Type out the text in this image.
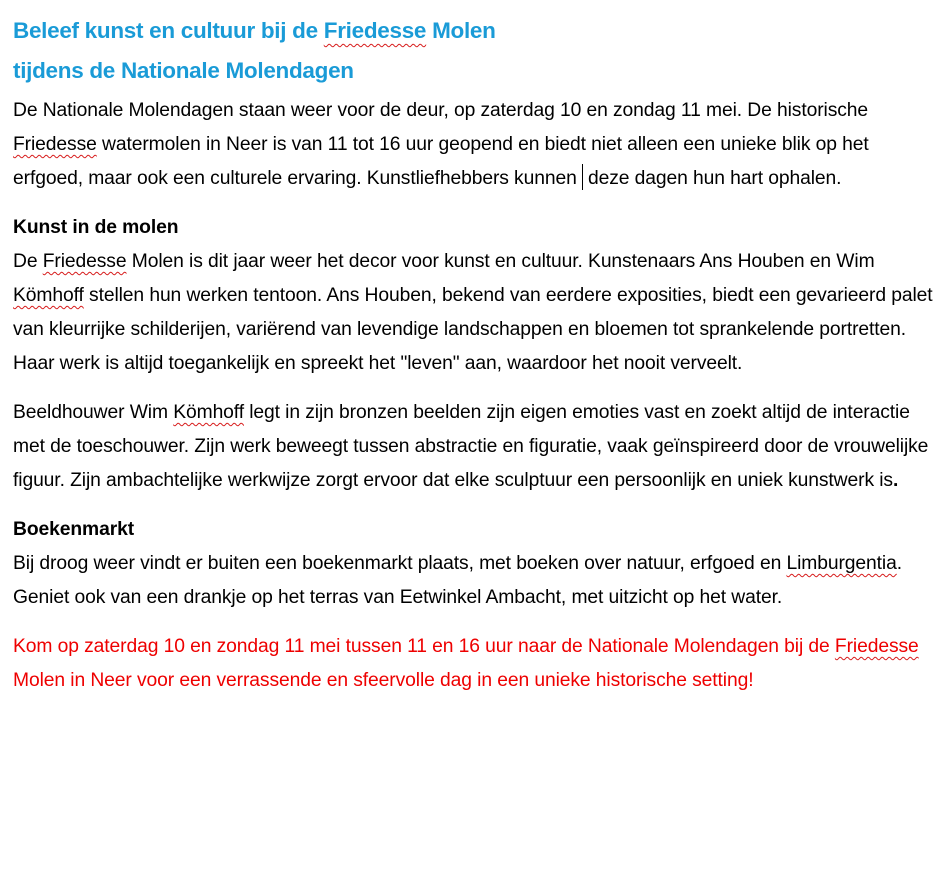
Beleef kunst en cultuur bij de Friedesse Molen

tijdens de Nationale Molendagen

De Nationale Molendagen staan weer voor de deur, op zaterdag 10 en zondag 11 mei. De historische Friedesse watermolen in Neer is van 11 tot 16 uur geopend en biedt niet alleen een unieke blik op het erfgoed, maar ook een culturele ervaring. Kunstliefhebbers kunnen deze dagen hun hart ophalen.

Kunst in de molen
De Friedesse Molen is dit jaar weer het decor voor kunst en cultuur. Kunstenaars Ans Houben en Wim Kömhoff stellen hun werken tentoon. Ans Houben, bekend van eerdere exposities, biedt een gevarieerd palet van kleurrijke schilderijen, variërend van levendige landschappen en bloemen tot sprankelende portretten. Haar werk is altijd toegankelijk en spreekt het "leven" aan, waardoor het nooit verveelt.

Beeldhouwer Wim Kömhoff legt in zijn bronzen beelden zijn eigen emoties vast en zoekt altijd de interactie met de toeschouwer. Zijn werk beweegt tussen abstractie en figuratie, vaak geïnspireerd door de vrouwelijke figuur. Zijn ambachtelijke werkwijze zorgt ervoor dat elke sculptuur een persoonlijk en uniek kunstwerk is.

Boekenmarkt
Bij droog weer vindt er buiten een boekenmarkt plaats, met boeken over natuur, erfgoed en Limburgentia. Geniet ook van een drankje op het terras van Eetwinkel Ambacht, met uitzicht op het water.

Kom op zaterdag 10 en zondag 11 mei tussen 11 en 16 uur naar de Nationale Molendagen bij de Friedesse Molen in Neer voor een verrassende en sfeervolle dag in een unieke historische setting!
